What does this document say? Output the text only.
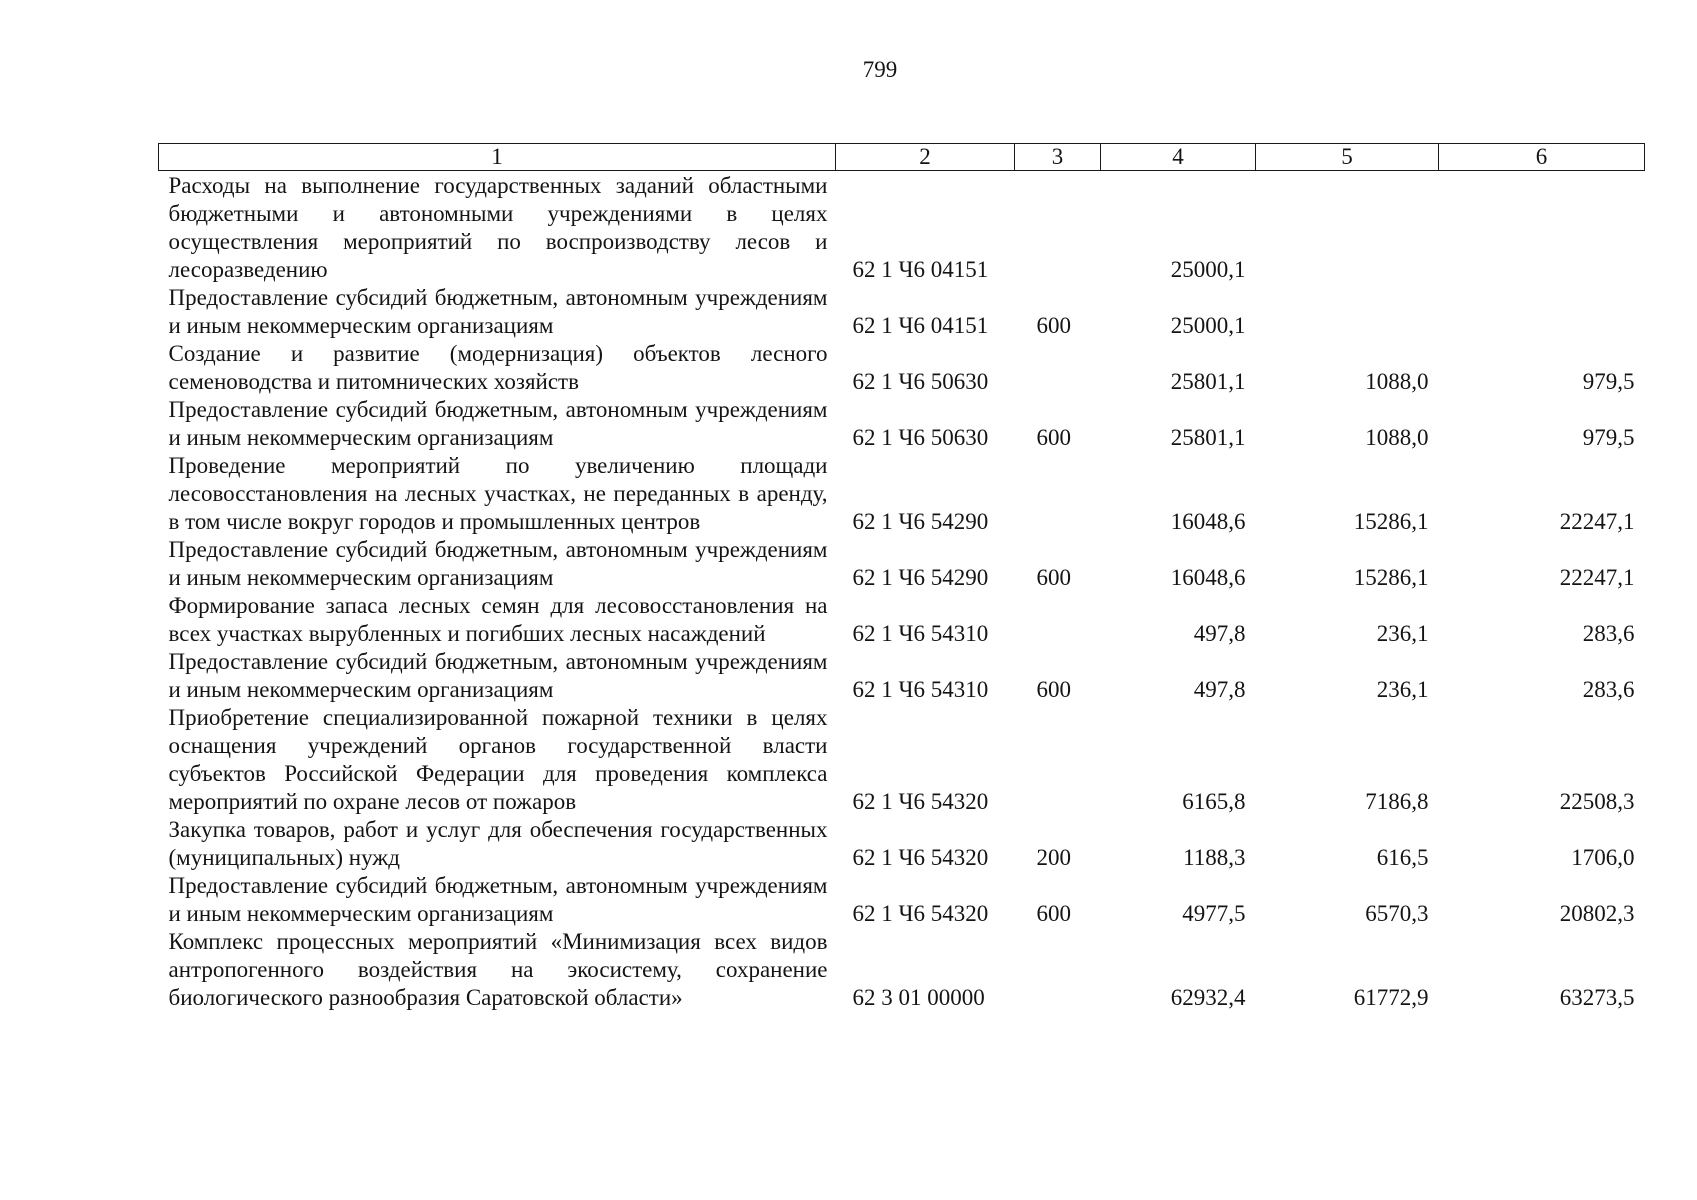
799
1	2	3	4	5	6
Расходы на выполнение государственных заданий областными бюджетными и автономными учреждениями в целях осуществления мероприятий по воспроизводству лесов и лесоразведению	62 1 Ч6 04151		25000,1		
Предоставление субсидий бюджетным, автономным учреждениям и иным некоммерческим организациям	62 1 Ч6 04151	600	25000,1		
Создание и развитие (модернизация) объектов лесного семеноводства и питомнических хозяйств	62 1 Ч6 50630		25801,1	1088,0	979,5
Предоставление субсидий бюджетным, автономным учреждениям и иным некоммерческим организациям	62 1 Ч6 50630	600	25801,1	1088,0	979,5
Проведение мероприятий по увеличению площади лесовосстановления на лесных участках, не переданных в аренду, в том числе вокруг городов и промышленных центров	62 1 Ч6 54290		16048,6	15286,1	22247,1
Предоставление субсидий бюджетным, автономным учреждениям и иным некоммерческим организациям	62 1 Ч6 54290	600	16048,6	15286,1	22247,1
Формирование запаса лесных семян для лесовосстановления на всех участках вырубленных и погибших лесных насаждений	62 1 Ч6 54310		497,8	236,1	283,6
Предоставление субсидий бюджетным, автономным учреждениям и иным некоммерческим организациям	62 1 Ч6 54310	600	497,8	236,1	283,6
Приобретение специализированной пожарной техники в целях оснащения учреждений органов государственной власти субъектов Российской Федерации для проведения комплекса мероприятий по охране лесов от пожаров	62 1 Ч6 54320		6165,8	7186,8	22508,3
Закупка товаров, работ и услуг для обеспечения государственных (муниципальных) нужд	62 1 Ч6 54320	200	1188,3	616,5	1706,0
Предоставление субсидий бюджетным, автономным учреждениям и иным некоммерческим организациям	62 1 Ч6 54320	600	4977,5	6570,3	20802,3
Комплекс процессных мероприятий «Минимизация всех видов антропогенного воздействия на экосистему, сохранение биологического разнообразия Саратовской области»	62 3 01 00000		62932,4	61772,9	63273,5
